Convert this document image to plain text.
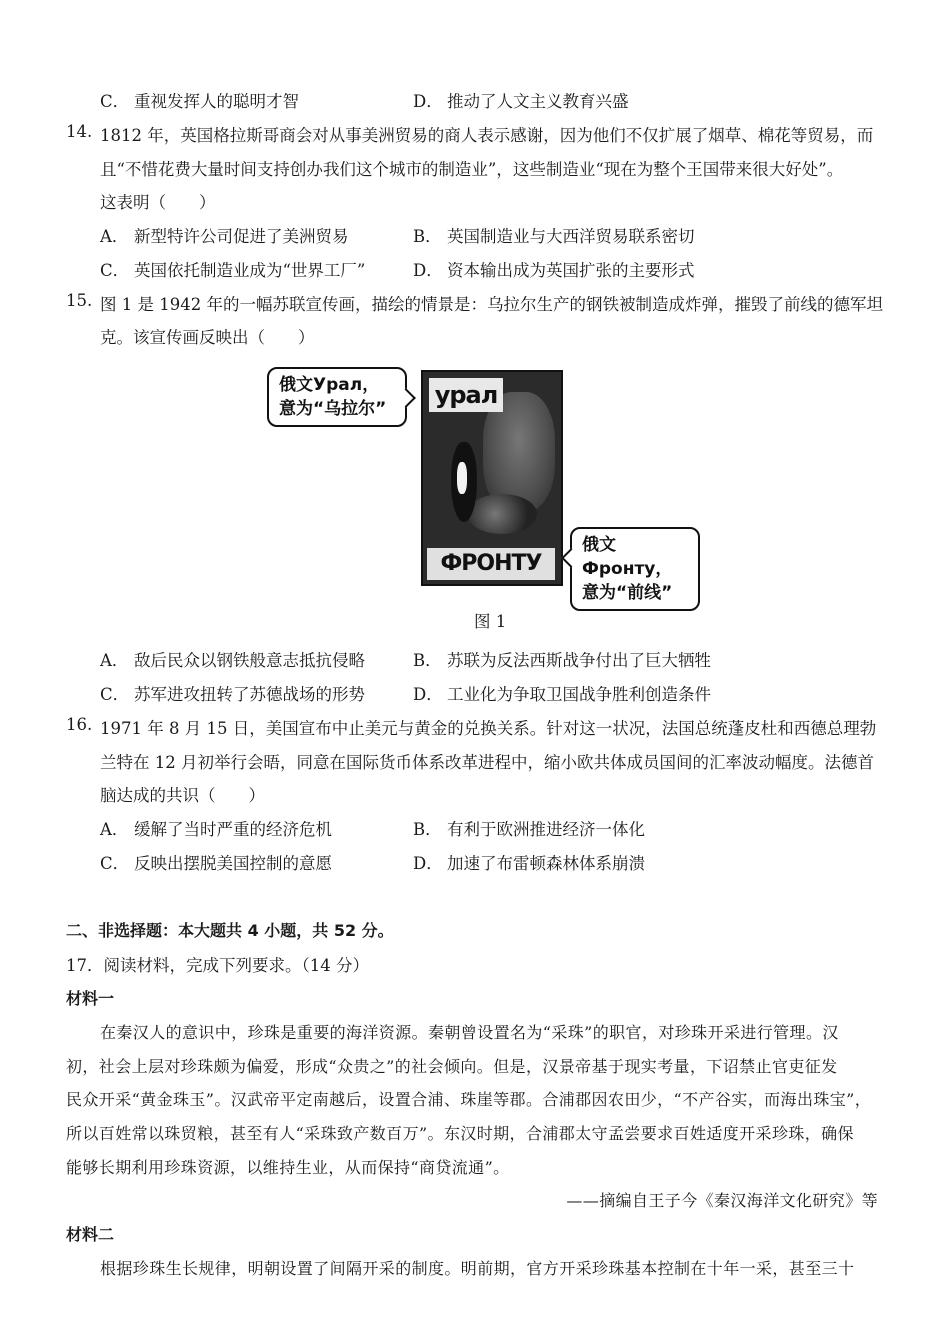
C． 重视发挥人的聪明才智	D． 推动了人文主义教育兴盛
14. 1812 年，英国格拉斯哥商会对从事美洲贸易的商人表示感谢，因为他们不仅扩展了烟草、棉花等贸易，而
且“不惜花费大量时间支持创办我们这个城市的制造业”，这些制造业“现在为整个王国带来很大好处”。
这表明（　　）
A． 新型特许公司促进了美洲贸易	B． 英国制造业与大西洋贸易联系密切
C． 英国依托制造业成为“世界工厂”	D． 资本输出成为英国扩张的主要形式
15. 图 1 是 1942 年的一幅苏联宣传画，描绘的情景是：乌拉尔生产的钢铁被制造成炸弹，摧毁了前线的德军坦
克。该宣传画反映出（　　）
урал
ФРОНТУ
俄文Урал，
意为“乌拉尔”
俄文Фронту，
意为“前线”
图 1
A． 敌后民众以钢铁般意志抵抗侵略	B． 苏联为反法西斯战争付出了巨大牺牲
C． 苏军进攻扭转了苏德战场的形势	D． 工业化为争取卫国战争胜利创造条件
16. 1971 年 8 月 15 日，美国宣布中止美元与黄金的兑换关系。针对这一状况，法国总统蓬皮杜和西德总理勃
兰特在 12 月初举行会晤，同意在国际货币体系改革进程中，缩小欧共体成员国间的汇率波动幅度。法德首
脑达成的共识（　　）
A． 缓解了当时严重的经济危机	B． 有利于欧洲推进经济一体化
C． 反映出摆脱美国控制的意愿	D． 加速了布雷顿森林体系崩溃
二、非选择题：本大题共 4 小题，共 52 分。
17．阅读材料，完成下列要求。（14 分）
材料一
在秦汉人的意识中，珍珠是重要的海洋资源。秦朝曾设置名为“采珠”的职官，对珍珠开采进行管理。汉
初，社会上层对珍珠颇为偏爱，形成“众贵之”的社会倾向。但是，汉景帝基于现实考量，下诏禁止官吏征发
民众开采“黄金珠玉”。汉武帝平定南越后，设置合浦、珠崖等郡。合浦郡因农田少，“不产谷实，而海出珠宝”，
所以百姓常以珠贸粮，甚至有人“采珠致产数百万”。东汉时期，合浦郡太守孟尝要求百姓适度开采珍珠，确保
能够长期利用珍珠资源，以维持生业，从而保持“商贷流通”。
——摘编自王子今《秦汉海洋文化研究》等
材料二
根据珍珠生长规律，明朝设置了间隔开采的制度。明前期，官方开采珍珠基本控制在十年一采，甚至三十
